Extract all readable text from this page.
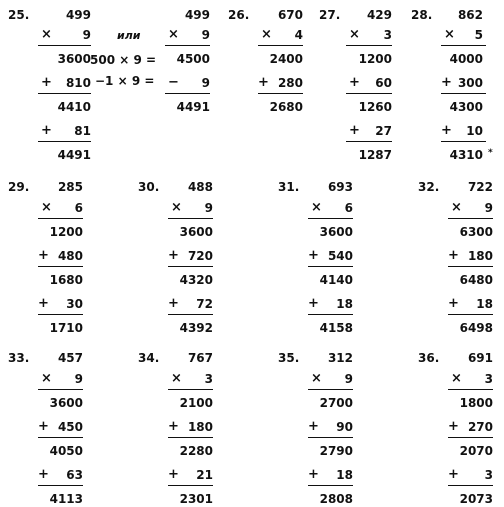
25.	499
×	9
3600
+	810
4410
+	81
4491
или
500 × 9 =
−1 × 9 =
499
×	9
4500
−	9
4491
26.	670
×	4
2400
+ 280
2680
27.	429
×	3
1200
+	60
1260
+	27
1287
28.	862
×	5
4000
+ 300
4300
+	10
4310 *
29.	285
×	6
1200
+ 480
1680
+	30
1710
30.	488
×	9
3600
+ 720
4320
+	72
4392
31.	693
×	6
3600
+ 540
4140
+	18
4158
32.	722
×	9
6300
+ 180
6480
+	18
6498
33.	457
×	9
3600
+ 450
4050
+	63
4113
34.	767
×	3
2100
+ 180
2280
+	21
2301
35.	312
×	9
2700
+	90
2790
+	18
2808
36.	691
×	3
1800
+ 270
2070
+	3
2073
